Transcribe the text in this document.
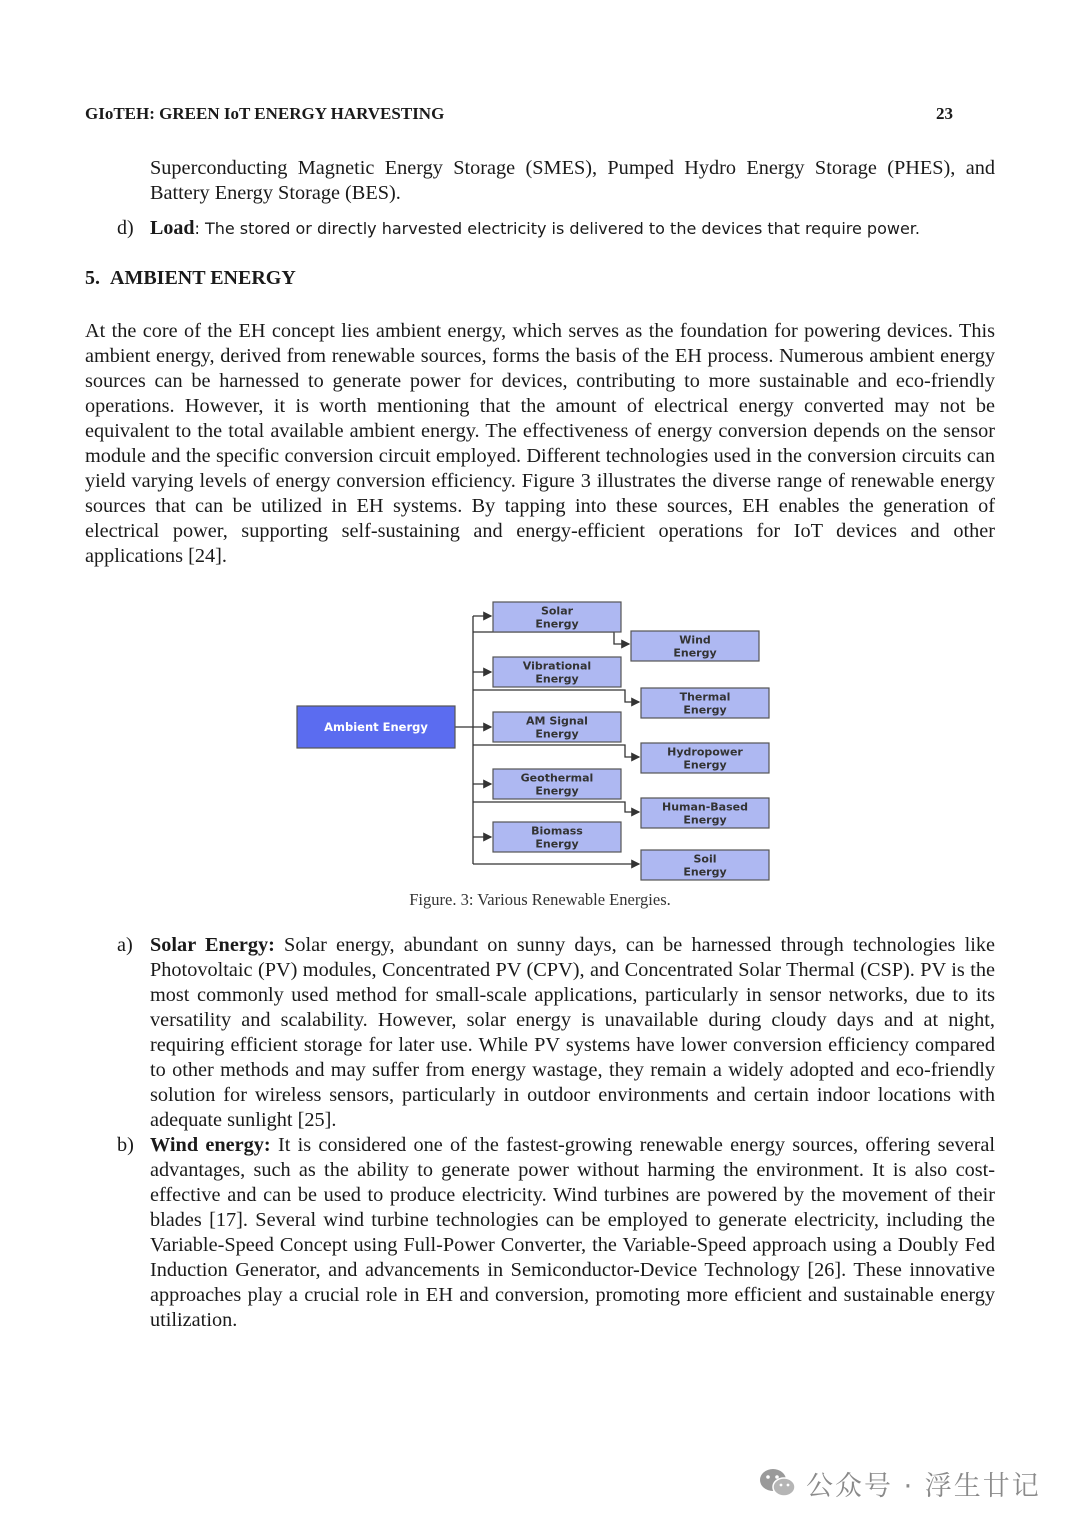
GIoTEH: GREEN IoT ENERGY HARVESTING	23
Superconducting Magnetic Energy Storage (SMES), Pumped Hydro Energy Storage (PHES), and Battery Energy Storage (BES).
d) Load: The stored or directly harvested electricity is delivered to the devices that require power.
5. AMBIENT ENERGY
At the core of the EH concept lies ambient energy, which serves as the foundation for powering devices. This ambient energy, derived from renewable sources, forms the basis of the EH process. Numerous ambient energy sources can be harnessed to generate power for devices, contributing to more sustainable and eco-friendly operations. However, it is worth mentioning that the amount of electrical energy converted may not be equivalent to the total available ambient energy. The effectiveness of energy conversion depends on the sensor module and the specific conversion circuit employed. Different technologies used in the conversion circuits can yield varying levels of energy conversion efficiency. Figure 3 illustrates the diverse range of renewable energy sources that can be utilized in EH systems. By tapping into these sources, EH enables the generation of electrical power, supporting self-sustaining and energy-efficient operations for IoT devices and other applications [24].
Ambient Energy
Solar
Energy
Vibrational
Energy
AM Signal
Energy
Geothermal
Energy
Biomass
Energy
Wind
Energy
Thermal
Energy
Hydropower
Energy
Human-Based
Energy
Soil
Energy
Figure. 3: Various Renewable Energies.
a) Solar Energy: Solar energy, abundant on sunny days, can be harnessed through technologies like Photovoltaic (PV) modules, Concentrated PV (CPV), and Concentrated Solar Thermal (CSP). PV is the most commonly used method for small-scale applications, particularly in sensor networks, due to its versatility and scalability. However, solar energy is unavailable during cloudy days and at night, requiring efficient storage for later use. While PV systems have lower conversion efficiency compared to other methods and may suffer from energy wastage, they remain a widely adopted and eco-friendly solution for wireless sensors, particularly in outdoor environments and certain indoor locations with adequate sunlight [25].
b) Wind energy: It is considered one of the fastest-growing renewable energy sources, offering several advantages, such as the ability to generate power without harming the environment. It is also cost-effective and can be used to produce electricity. Wind turbines are powered by the movement of their blades [17]. Several wind turbine technologies can be employed to generate electricity, including the Variable-Speed Concept using Full-Power Converter, the Variable-Speed approach using a Doubly Fed Induction Generator, and advancements in Semiconductor-Device Technology [26]. These innovative approaches play a crucial role in EH and conversion, promoting more efficient and sustainable energy utilization.
公众号 · 浮生廿记
